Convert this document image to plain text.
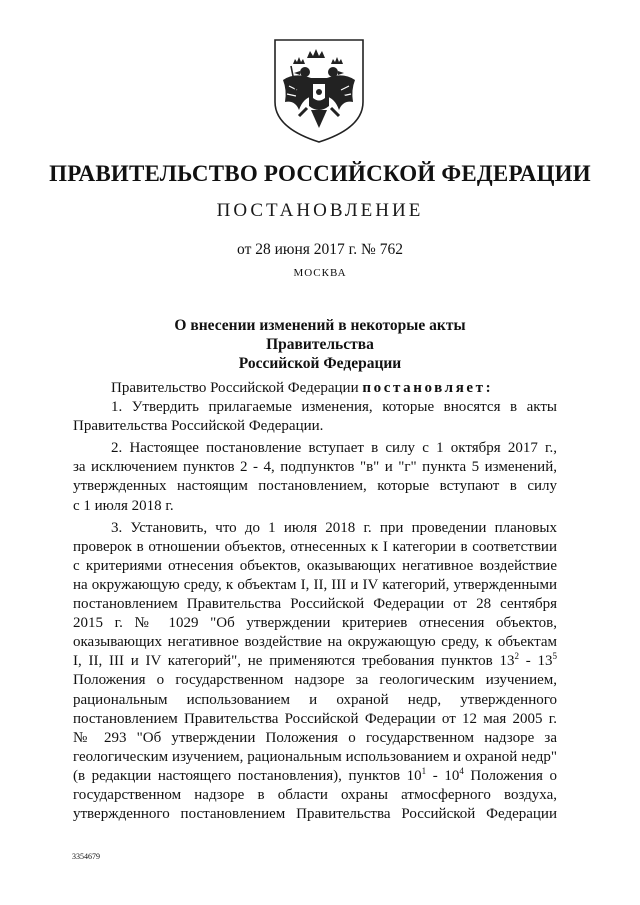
ПРАВИТЕЛЬСТВО РОССИЙСКОЙ ФЕДЕРАЦИИ
ПОСТАНОВЛЕНИЕ
от 28 июня 2017 г. № 762
МОСКВА
О внесении изменений в некоторые акты Правительства
Российской Федерации
Правительство Российской Федерации постановляет:
1. Утвердить прилагаемые изменения, которые вносятся в акты
Правительства Российской Федерации.
2. Настоящее постановление вступает в силу с 1 октября 2017 г.,
за исключением пунктов 2 - 4, подпунктов "в" и "г" пункта 5 изменений,
утвержденных настоящим постановлением, которые вступают в силу
с 1 июля 2018 г.
3. Установить, что до 1 июля 2018 г. при проведении плановых
проверок в отношении объектов, отнесенных к I категории в соответствии
с критериями отнесения объектов, оказывающих негативное воздействие
на окружающую среду, к объектам I, II, III и IV категорий, утвержденными
постановлением Правительства Российской Федерации от 28 сентября
2015 г. № 1029 "Об утверждении критериев отнесения объектов,
оказывающих негативное воздействие на окружающую среду, к объектам
I, II, III и IV категорий", не применяются требования пунктов $13^2 - 13^5$
Положения о государственном надзоре за геологическим изучением,
рациональным использованием и охраной недр, утвержденного
постановлением Правительства Российской Федерации от 12 мая 2005 г.
№ 293 "Об утверждении Положения о государственном надзоре за
геологическим изучением, рациональным использованием и охраной недр"
(в редакции настоящего постановления), пунктов $10^1 - 10^4$ Положения о
государственном надзоре в области охраны атмосферного воздуха,
утвержденного постановлением Правительства Российской Федерации
3354679
